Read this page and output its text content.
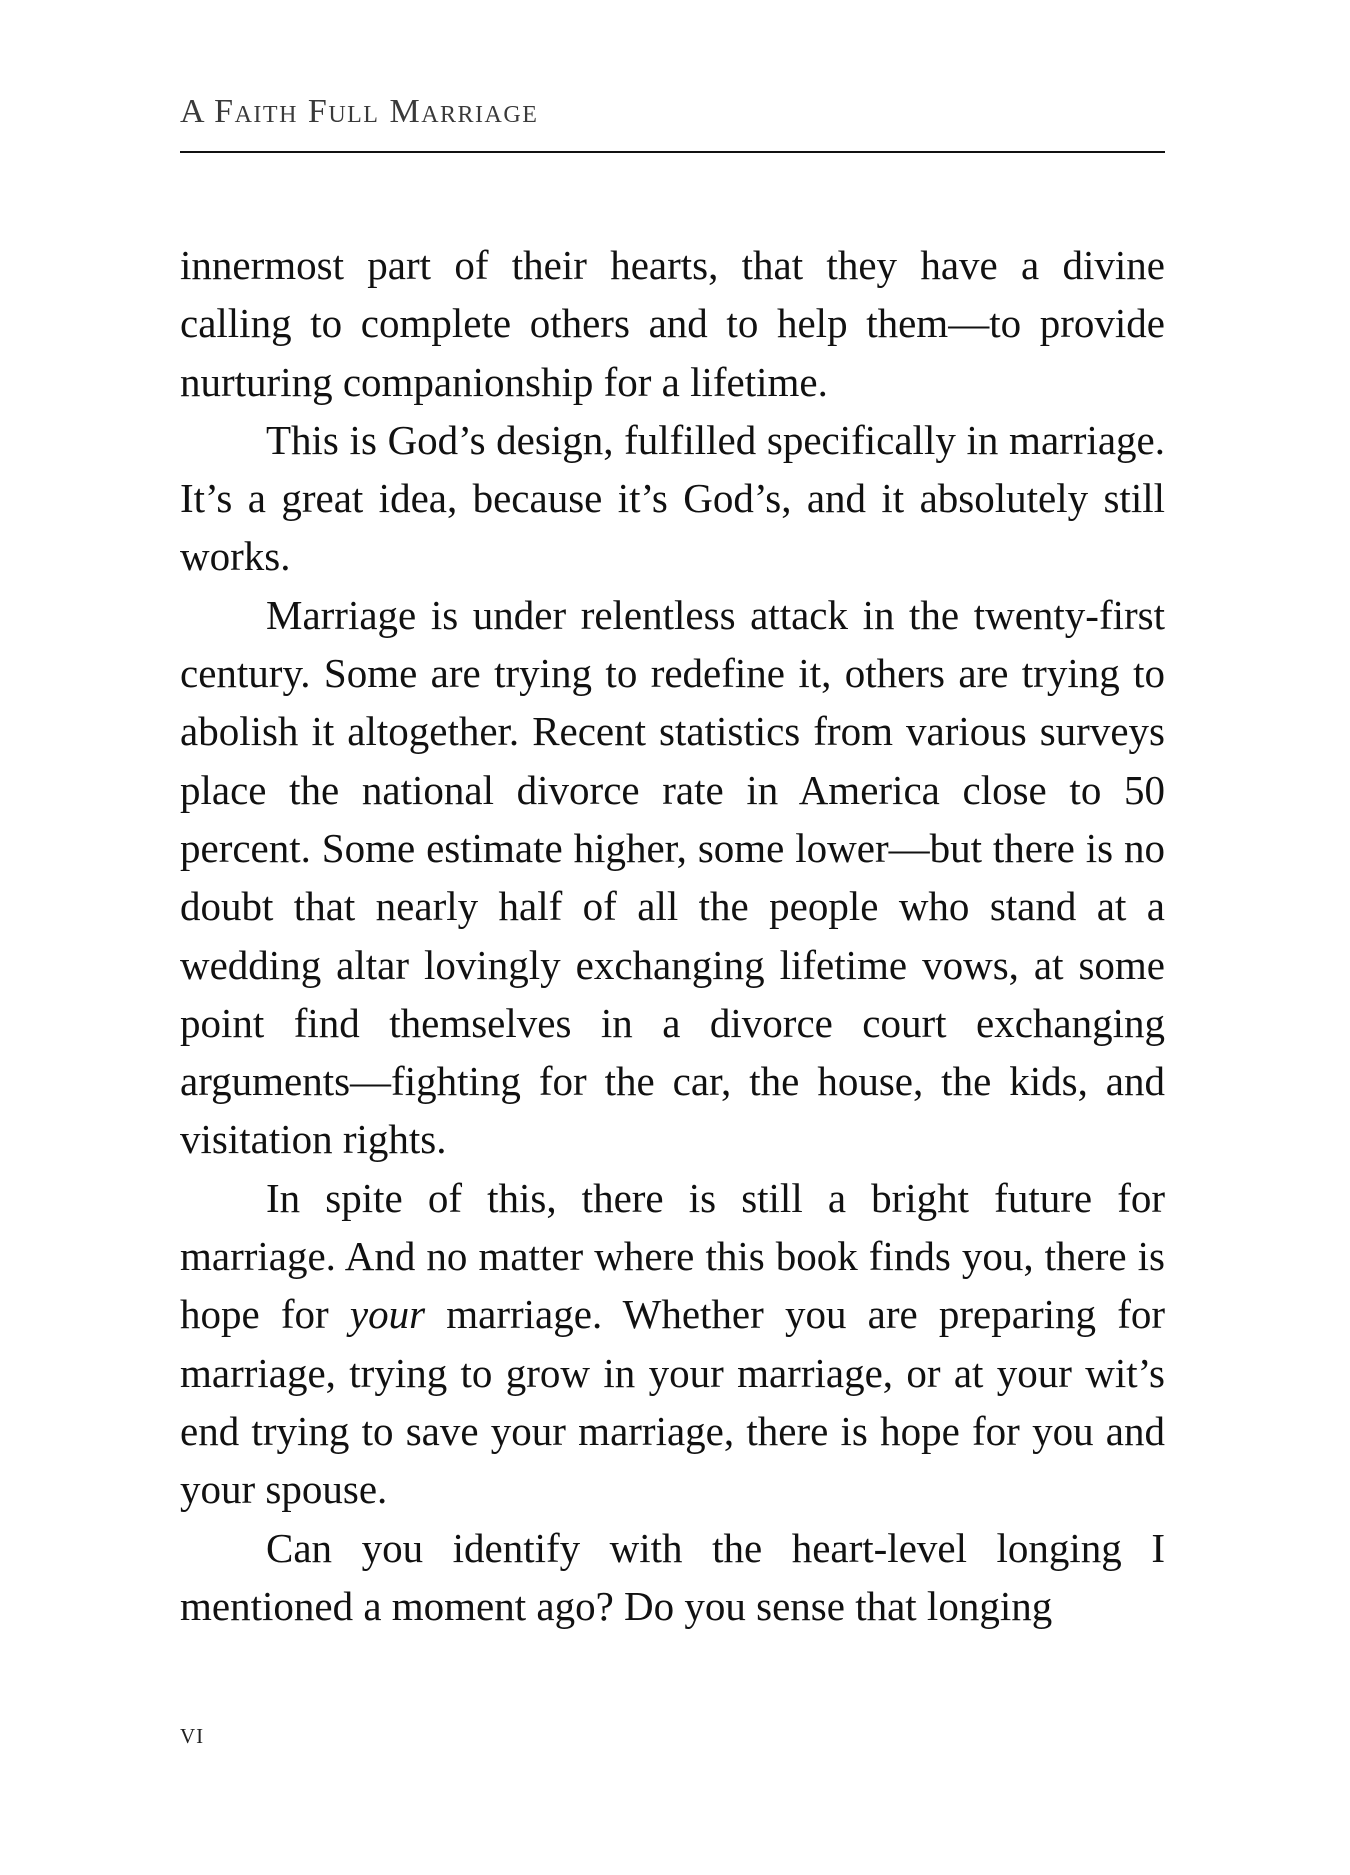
A Faith Full Marriage

innermost part of their hearts, that they have a divine calling to complete others and to help them—to provide nurturing companionship for a lifetime.

This is God’s design, fulfilled specifically in marriage. It’s a great idea, because it’s God’s, and it absolutely still works.

Marriage is under relentless attack in the twenty-first century. Some are trying to redefine it, others are trying to abolish it altogether. Recent statistics from various surveys place the national divorce rate in America close to 50 percent. Some estimate higher, some lower—but there is no doubt that nearly half of all the people who stand at a wedding altar lovingly exchanging lifetime vows, at some point find themselves in a divorce court exchanging arguments—fighting for the car, the house, the kids, and visitation rights.

In spite of this, there is still a bright future for marriage. And no matter where this book finds you, there is hope for your marriage. Whether you are preparing for marriage, trying to grow in your marriage, or at your wit’s end trying to save your marriage, there is hope for you and your spouse.

Can you identify with the heart-level longing I mentioned a moment ago? Do you sense that longing

vi
